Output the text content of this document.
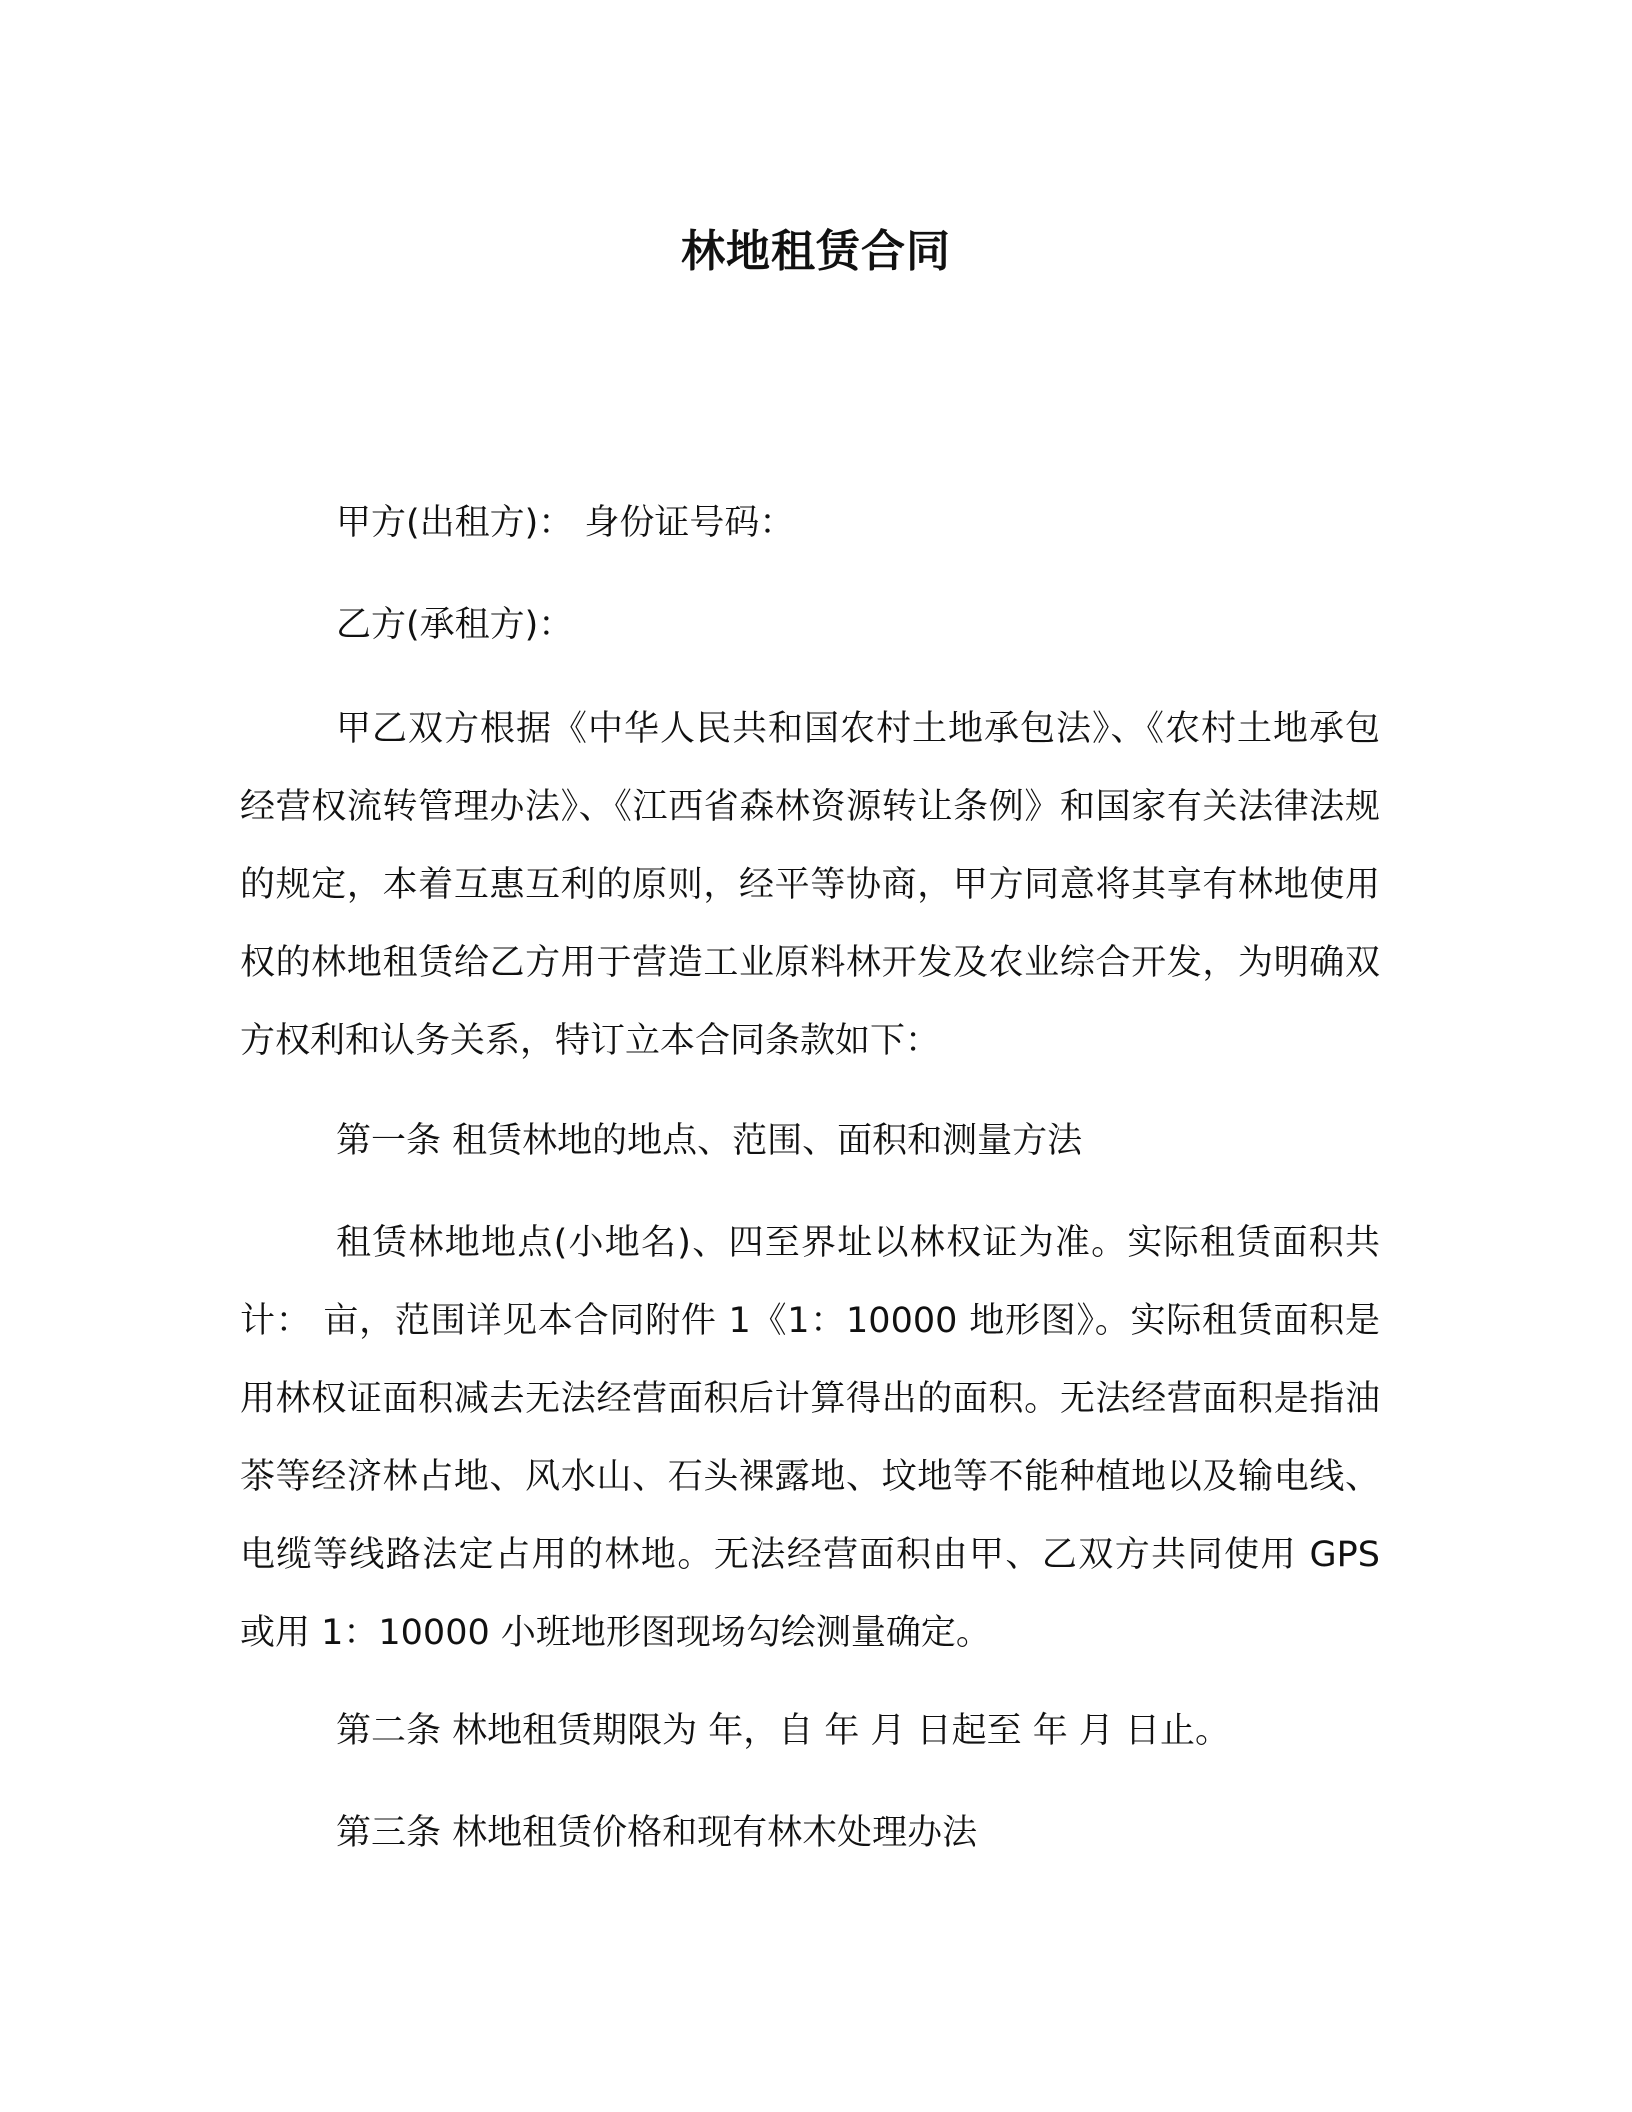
林地租赁合同

甲方(出租方)： 身份证号码：

乙方(承租方)：

甲乙双方根据《中华人民共和国农村土地承包法》、《农村土地承包经营权流转管理办法》、《江西省森林资源转让条例》和国家有关法律法规的规定，本着互惠互利的原则，经平等协商，甲方同意将其享有林地使用权的林地租赁给乙方用于营造工业原料林开发及农业综合开发，为明确双方权利和认务关系，特订立本合同条款如下：

第一条 租赁林地的地点、范围、面积和测量方法

租赁林地地点(小地名)、四至界址以林权证为准。实际租赁面积共计： 亩，范围详见本合同附件 1《1：10000 地形图》。实际租赁面积是用林权证面积减去无法经营面积后计算得出的面积。无法经营面积是指油茶等经济林占地、风水山、石头裸露地、坟地等不能种植地以及输电线、电缆等线路法定占用的林地。无法经营面积由甲、乙双方共同使用 GPS 或用 1：10000 小班地形图现场勾绘测量确定。

第二条 林地租赁期限为 年，自 年 月 日起至 年 月 日止。

第三条 林地租赁价格和现有林木处理办法
